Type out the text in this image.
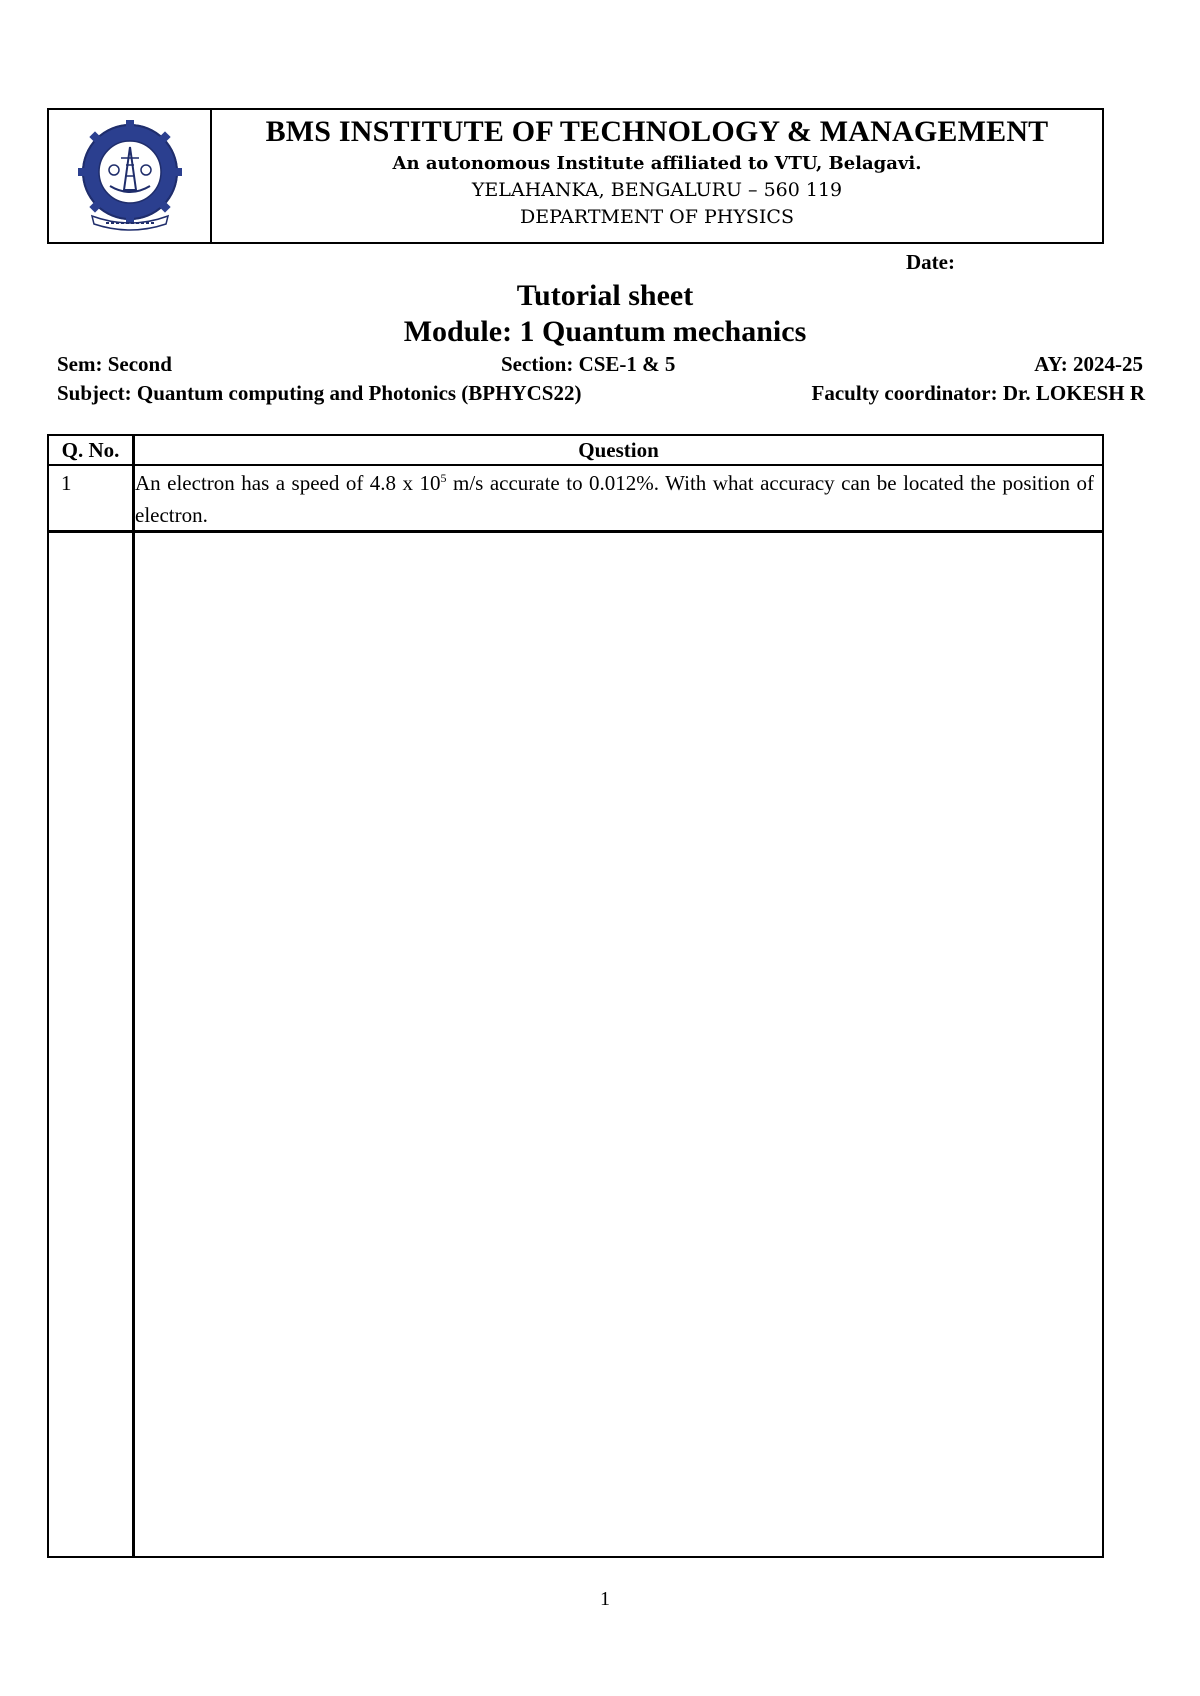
BMS INSTITUTE OF TECHNOLOGY & MANAGEMENT
An autonomous Institute affiliated to VTU, Belagavi.
YELAHANKA, BENGALURU – 560 119
DEPARTMENT OF PHYSICS
Date:
Tutorial sheet
Module: 1 Quantum mechanics
Sem: Second	Section: CSE-1 & 5	AY: 2024-25
Subject: Quantum computing and Photonics (BPHYCS22)	Faculty coordinator: Dr. LOKESH R
Q. No.	Question
1	An electron has a speed of 4.8 x $10^5$ m/s accurate to 0.012%. With what accuracy can be located the position of electron.
1
